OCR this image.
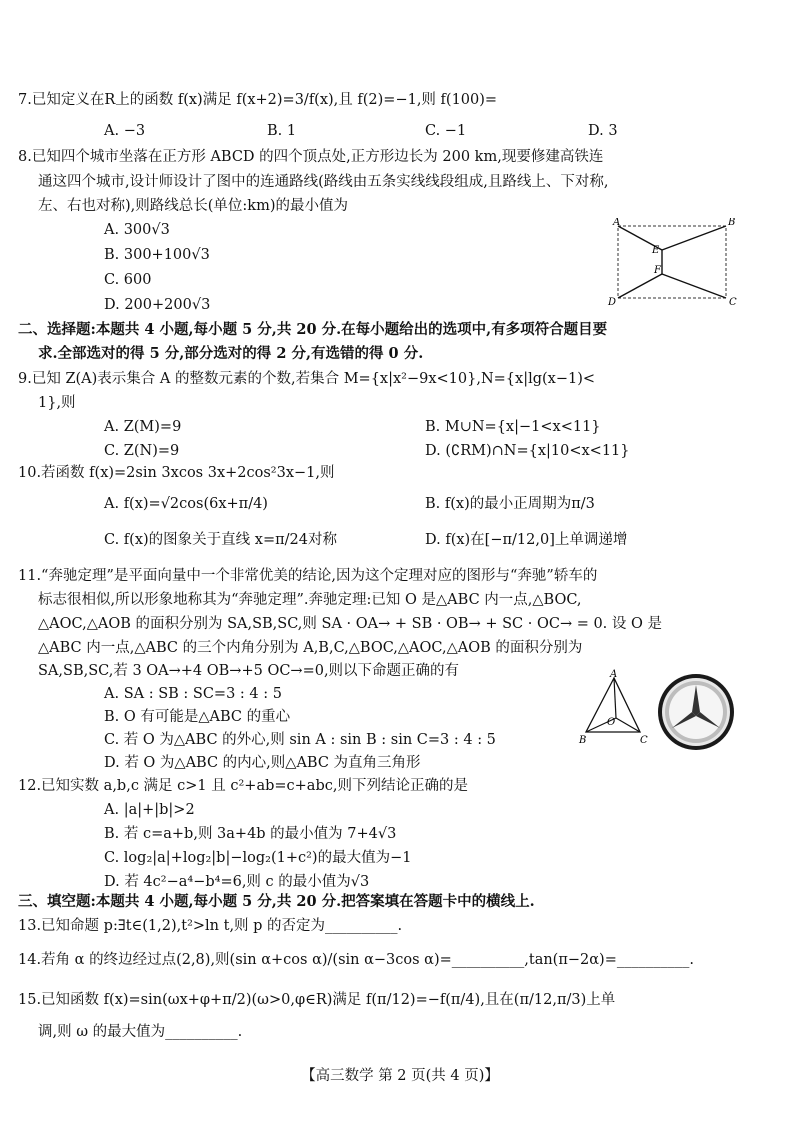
7.已知定义在R上的函数 f(x)满足 f(x+2)=3/f(x),且 f(2)=−1,则 f(100)=
A. −3	B. 1	C. −1	D. 3
8.已知四个城市坐落在正方形 ABCD 的四个顶点处,正方形边长为 200 km,现要修建高铁连
通这四个城市,设计师设计了图中的连通路线(路线由五条实线线段组成,且路线上、下对称,
左、右也对称),则路线总长(单位:km)的最小值为
A. 300√3
B. 300+100√3
C. 600
D. 200+200√3
A	B
E
F
D	C
二、选择题:本题共 4 小题,每小题 5 分,共 20 分.在每小题给出的选项中,有多项符合题目要
求.全部选对的得 5 分,部分选对的得 2 分,有选错的得 0 分.
9.已知 Z(A)表示集合 A 的整数元素的个数,若集合 M={x|x²−9x<10},N={x|lg(x−1)<
1},则
A. Z(M)=9	B. M∪N={x|−1<x<11}
C. Z(N)=9	D. (∁RM)∩N={x|10<x<11}
10.若函数 f(x)=2sin 3xcos 3x+2cos²3x−1,则
A. f(x)=√2cos(6x+π/4)	B. f(x)的最小正周期为π/3
C. f(x)的图象关于直线 x=π/24对称	D. f(x)在[−π/12,0]上单调递增
11.“奔驰定理”是平面向量中一个非常优美的结论,因为这个定理对应的图形与“奔驰”轿车的
标志很相似,所以形象地称其为“奔驰定理”.奔驰定理:已知 O 是△ABC 内一点,△BOC,
△AOC,△AOB 的面积分别为 SA,SB,SC,则 SA · OA→ + SB · OB→ + SC · OC→ = 0. 设 O 是
△ABC 内一点,△ABC 的三个内角分别为 A,B,C,△BOC,△AOC,△AOB 的面积分别为
SA,SB,SC,若 3 OA→+4 OB→+5 OC→=0,则以下命题正确的有
A. SA : SB : SC=3 : 4 : 5
B. O 有可能是△ABC 的重心
C. 若 O 为△ABC 的外心,则 sin A : sin B : sin C=3 : 4 : 5
D. 若 O 为△ABC 的内心,则△ABC 为直角三角形
A
O
B	C
12.已知实数 a,b,c 满足 c>1 且 c²+ab=c+abc,则下列结论正确的是
A. |a|+|b|>2
B. 若 c=a+b,则 3a+4b 的最小值为 7+4√3
C. log₂|a|+log₂|b|−log₂(1+c²)的最大值为−1
D. 若 4c²−a⁴−b⁴=6,则 c 的最小值为√3
三、填空题:本题共 4 小题,每小题 5 分,共 20 分.把答案填在答题卡中的横线上.
13.已知命题 p:∃t∈(1,2),t²>ln t,则 p 的否定为__________.
14.若角 α 的终边经过点(2,8),则(sin α+cos α)/(sin α−3cos α)=__________,tan(π−2α)=__________.
15.已知函数 f(x)=sin(ωx+φ+π/2)(ω>0,φ∈R)满足 f(π/12)=−f(π/4),且在(π/12,π/3)上单
调,则 ω 的最大值为__________.
【高三数学 第 2 页(共 4 页)】
